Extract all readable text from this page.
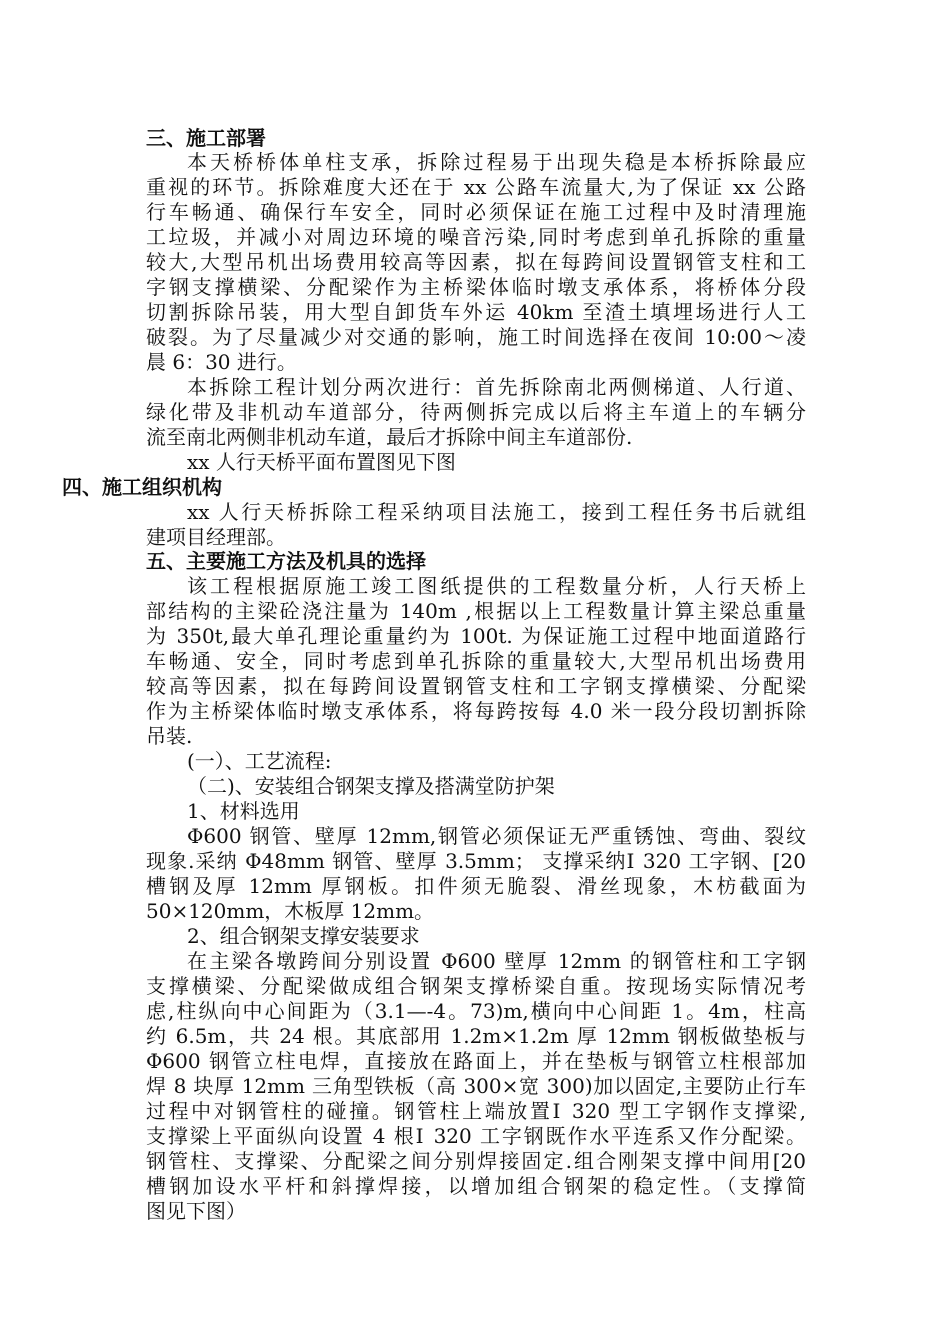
三、施工部署
本天桥桥体单柱支承，拆除过程易于出现失稳是本桥拆除最应
重视的环节。拆除难度大还在于 xx 公路车流量大,为了保证 xx 公路
行车畅通、确保行车安全，同时必须保证在施工过程中及时清理施
工垃圾，并减小对周边环境的噪音污染,同时考虑到单孔拆除的重量
较大,大型吊机出场费用较高等因素，拟在每跨间设置钢管支柱和工
字钢支撑横梁、分配梁作为主桥梁体临时墩支承体系，将桥体分段
切割拆除吊装，用大型自卸货车外运 40km 至渣土填埋场进行人工
破裂。为了尽量减少对交通的影响，施工时间选择在夜间 10:00～凌
晨 6：30 进行。
本拆除工程计划分两次进行：首先拆除南北两侧梯道、人行道、
绿化带及非机动车道部分，待两侧拆完成以后将主车道上的车辆分
流至南北两侧非机动车道，最后才拆除中间主车道部份.
xx 人行天桥平面布置图见下图
四、施工组织机构
xx 人行天桥拆除工程采纳项目法施工，接到工程任务书后就组
建项目经理部。
五、主要施工方法及机具的选择
该工程根据原施工竣工图纸提供的工程数量分析，人行天桥上
部结构的主梁砼浇注量为 140m ,根据以上工程数量计算主梁总重量
为 350t,最大单孔理论重量约为 100t. 为保证施工过程中地面道路行
车畅通、安全，同时考虑到单孔拆除的重量较大,大型吊机出场费用
较高等因素，拟在每跨间设置钢管支柱和工字钢支撑横梁、分配梁
作为主桥梁体临时墩支承体系，将每跨按每 4.0 米一段分段切割拆除
吊装.
(一）、工艺流程:
（二)、安装组合钢架支撑及搭满堂防护架
1、材料选用
Φ600 钢管、壁厚 12mm,钢管必须保证无严重锈蚀、弯曲、裂纹
现象.采纳 Φ48mm 钢管、壁厚 3.5mm； 支撑采纳Ⅰ 320 工字钢、[20
槽钢及厚 12mm 厚钢板。扣件须无脆裂、滑丝现象，木枋截面为
50×120mm，木板厚 12mm。
2、组合钢架支撑安装要求
在主梁各墩跨间分别设置 Φ600 壁厚 12mm 的钢管柱和工字钢
支撑横梁、分配梁做成组合钢架支撑桥梁自重。按现场实际情况考
虑,柱纵向中心间距为（3.1—-4。73)m,横向中心间距 1。4m，柱高
约 6.5m，共 24 根。其底部用 1.2m×1.2m 厚 12mm 钢板做垫板与
Φ600 钢管立柱电焊，直接放在路面上，并在垫板与钢管立柱根部加
焊 8 块厚 12mm 三角型铁板（高 300×宽 300)加以固定,主要防止行车
过程中对钢管柱的碰撞。钢管柱上端放置Ⅰ 320 型工字钢作支撑梁,
支撑梁上平面纵向设置 4 根Ⅰ 320 工字钢既作水平连系又作分配梁。
钢管柱、支撑梁、分配梁之间分别焊接固定.组合刚架支撑中间用[20
槽钢加设水平杆和斜撑焊接，以增加组合钢架的稳定性。（支撑简
图见下图）
